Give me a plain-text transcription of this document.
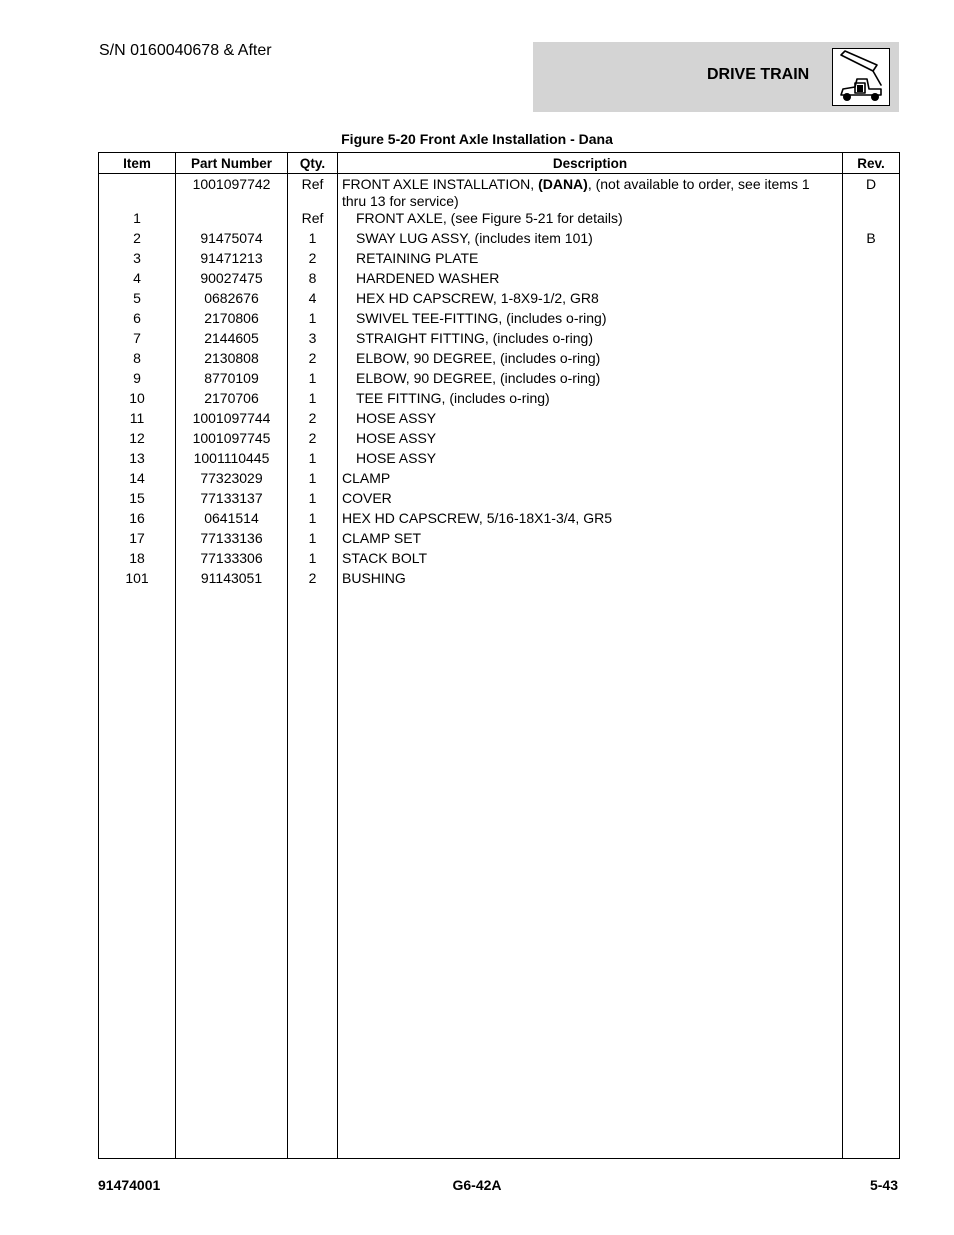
S/N 0160040678 & After
DRIVE TRAIN
Figure 5-20 Front Axle Installation - Dana
Item	Part Number	Qty.	Description	Rev.
	1001097742	Ref	FRONT AXLE INSTALLATION, (DANA), (not available to order, see items 1 thru 13 for service)	D
1		Ref	FRONT AXLE, (see Figure 5-21 for details)	
2	91475074	1	SWAY LUG ASSY, (includes item 101)	B
3	91471213	2	RETAINING PLATE	
4	90027475	8	HARDENED WASHER	
5	0682676	4	HEX HD CAPSCREW, 1-8X9-1/2, GR8	
6	2170806	1	SWIVEL TEE-FITTING, (includes o-ring)	
7	2144605	3	STRAIGHT FITTING, (includes o-ring)	
8	2130808	2	ELBOW, 90 DEGREE, (includes o-ring)	
9	8770109	1	ELBOW, 90 DEGREE, (includes o-ring)	
10	2170706	1	TEE FITTING, (includes o-ring)	
11	1001097744	2	HOSE ASSY	
12	1001097745	2	HOSE ASSY	
13	1001110445	1	HOSE ASSY	
14	77323029	1	CLAMP	
15	77133137	1	COVER	
16	0641514	1	HEX HD CAPSCREW, 5/16-18X1-3/4, GR5	
17	77133136	1	CLAMP SET	
18	77133306	1	STACK BOLT	
101	91143051	2	BUSHING	

91474001	G6-42A	5-43
